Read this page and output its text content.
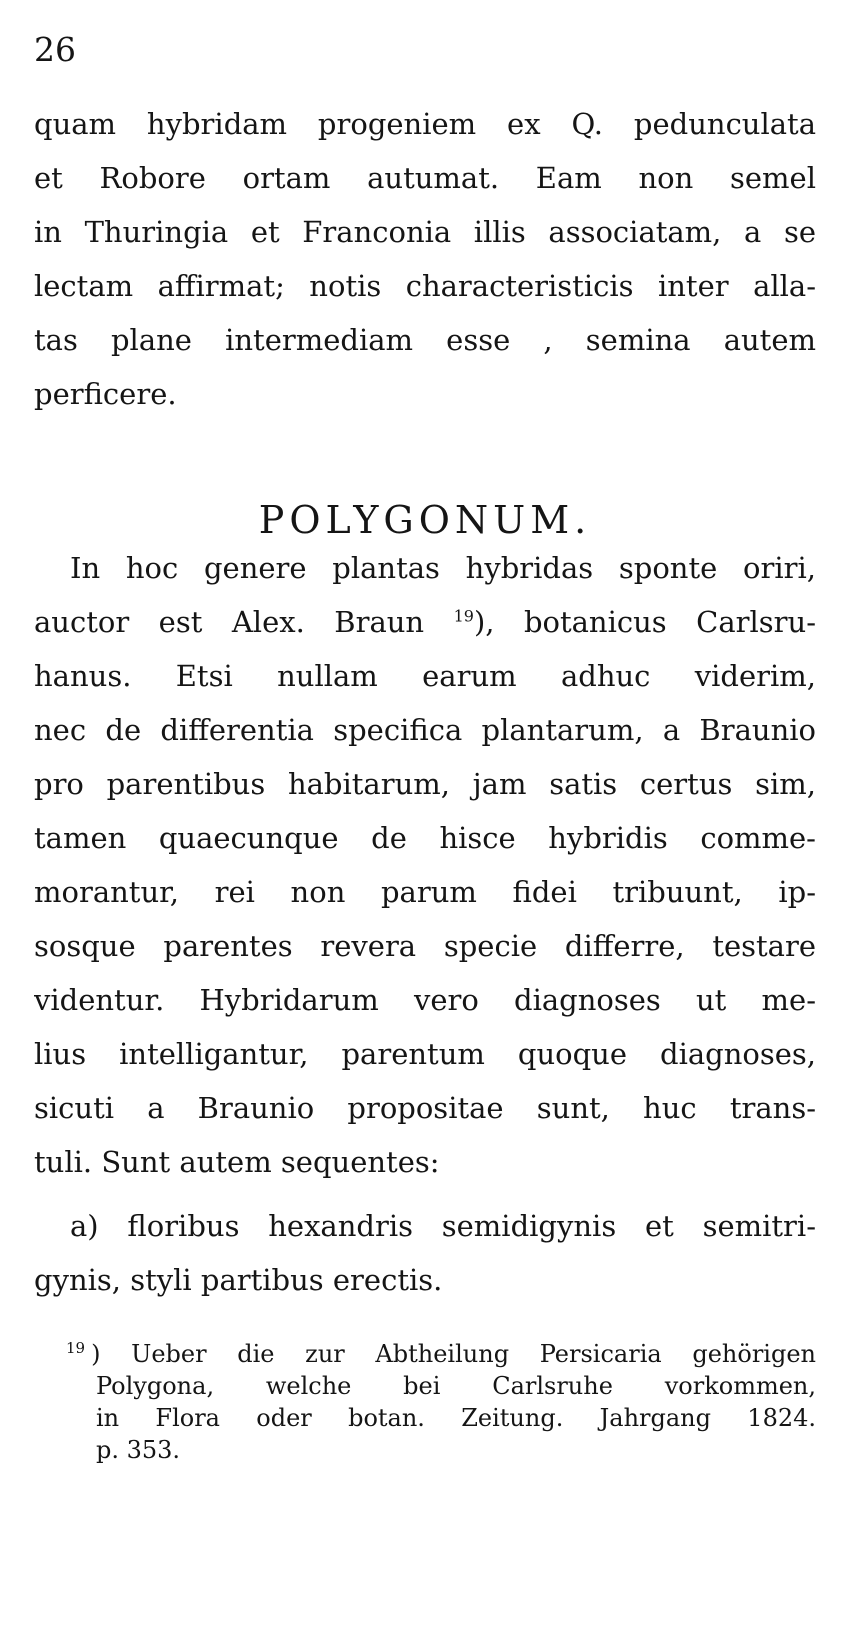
26

quam hybridam progeniem ex Q. pedunculata

et Robore ortam autumat. Eam non semel

in Thuringia et Franconia illis associatam, a se

lectam affirmat; notis characteristicis inter alla-

tas plane intermediam esse , semina autem

perficere.

POLYGONUM.

In hoc genere plantas hybridas sponte oriri,

auctor est Alex. Braun $^{19}$), botanicus Carlsru-

hanus. Etsi nullam earum adhuc viderim,

nec de differentia specifica plantarum, a Braunio

pro parentibus habitarum, jam satis certus sim,

tamen quaecunque de hisce hybridis comme-

morantur, rei non parum fidei tribuunt, ip-

sosque parentes revera specie differre, testare

videntur. Hybridarum vero diagnoses ut me-

lius intelligantur, parentum quoque diagnoses,

sicuti a Braunio propositae sunt, huc trans-

tuli. Sunt autem sequentes:

a) floribus hexandris semidigynis et semitri-

gynis, styli partibus erectis.

$^{19}$ ) Ueber die zur Abtheilung Persicaria gehörigen

Polygona, welche bei Carlsruhe vorkommen,

in Flora oder botan. Zeitung. Jahrgang 1824.

p. 353.
